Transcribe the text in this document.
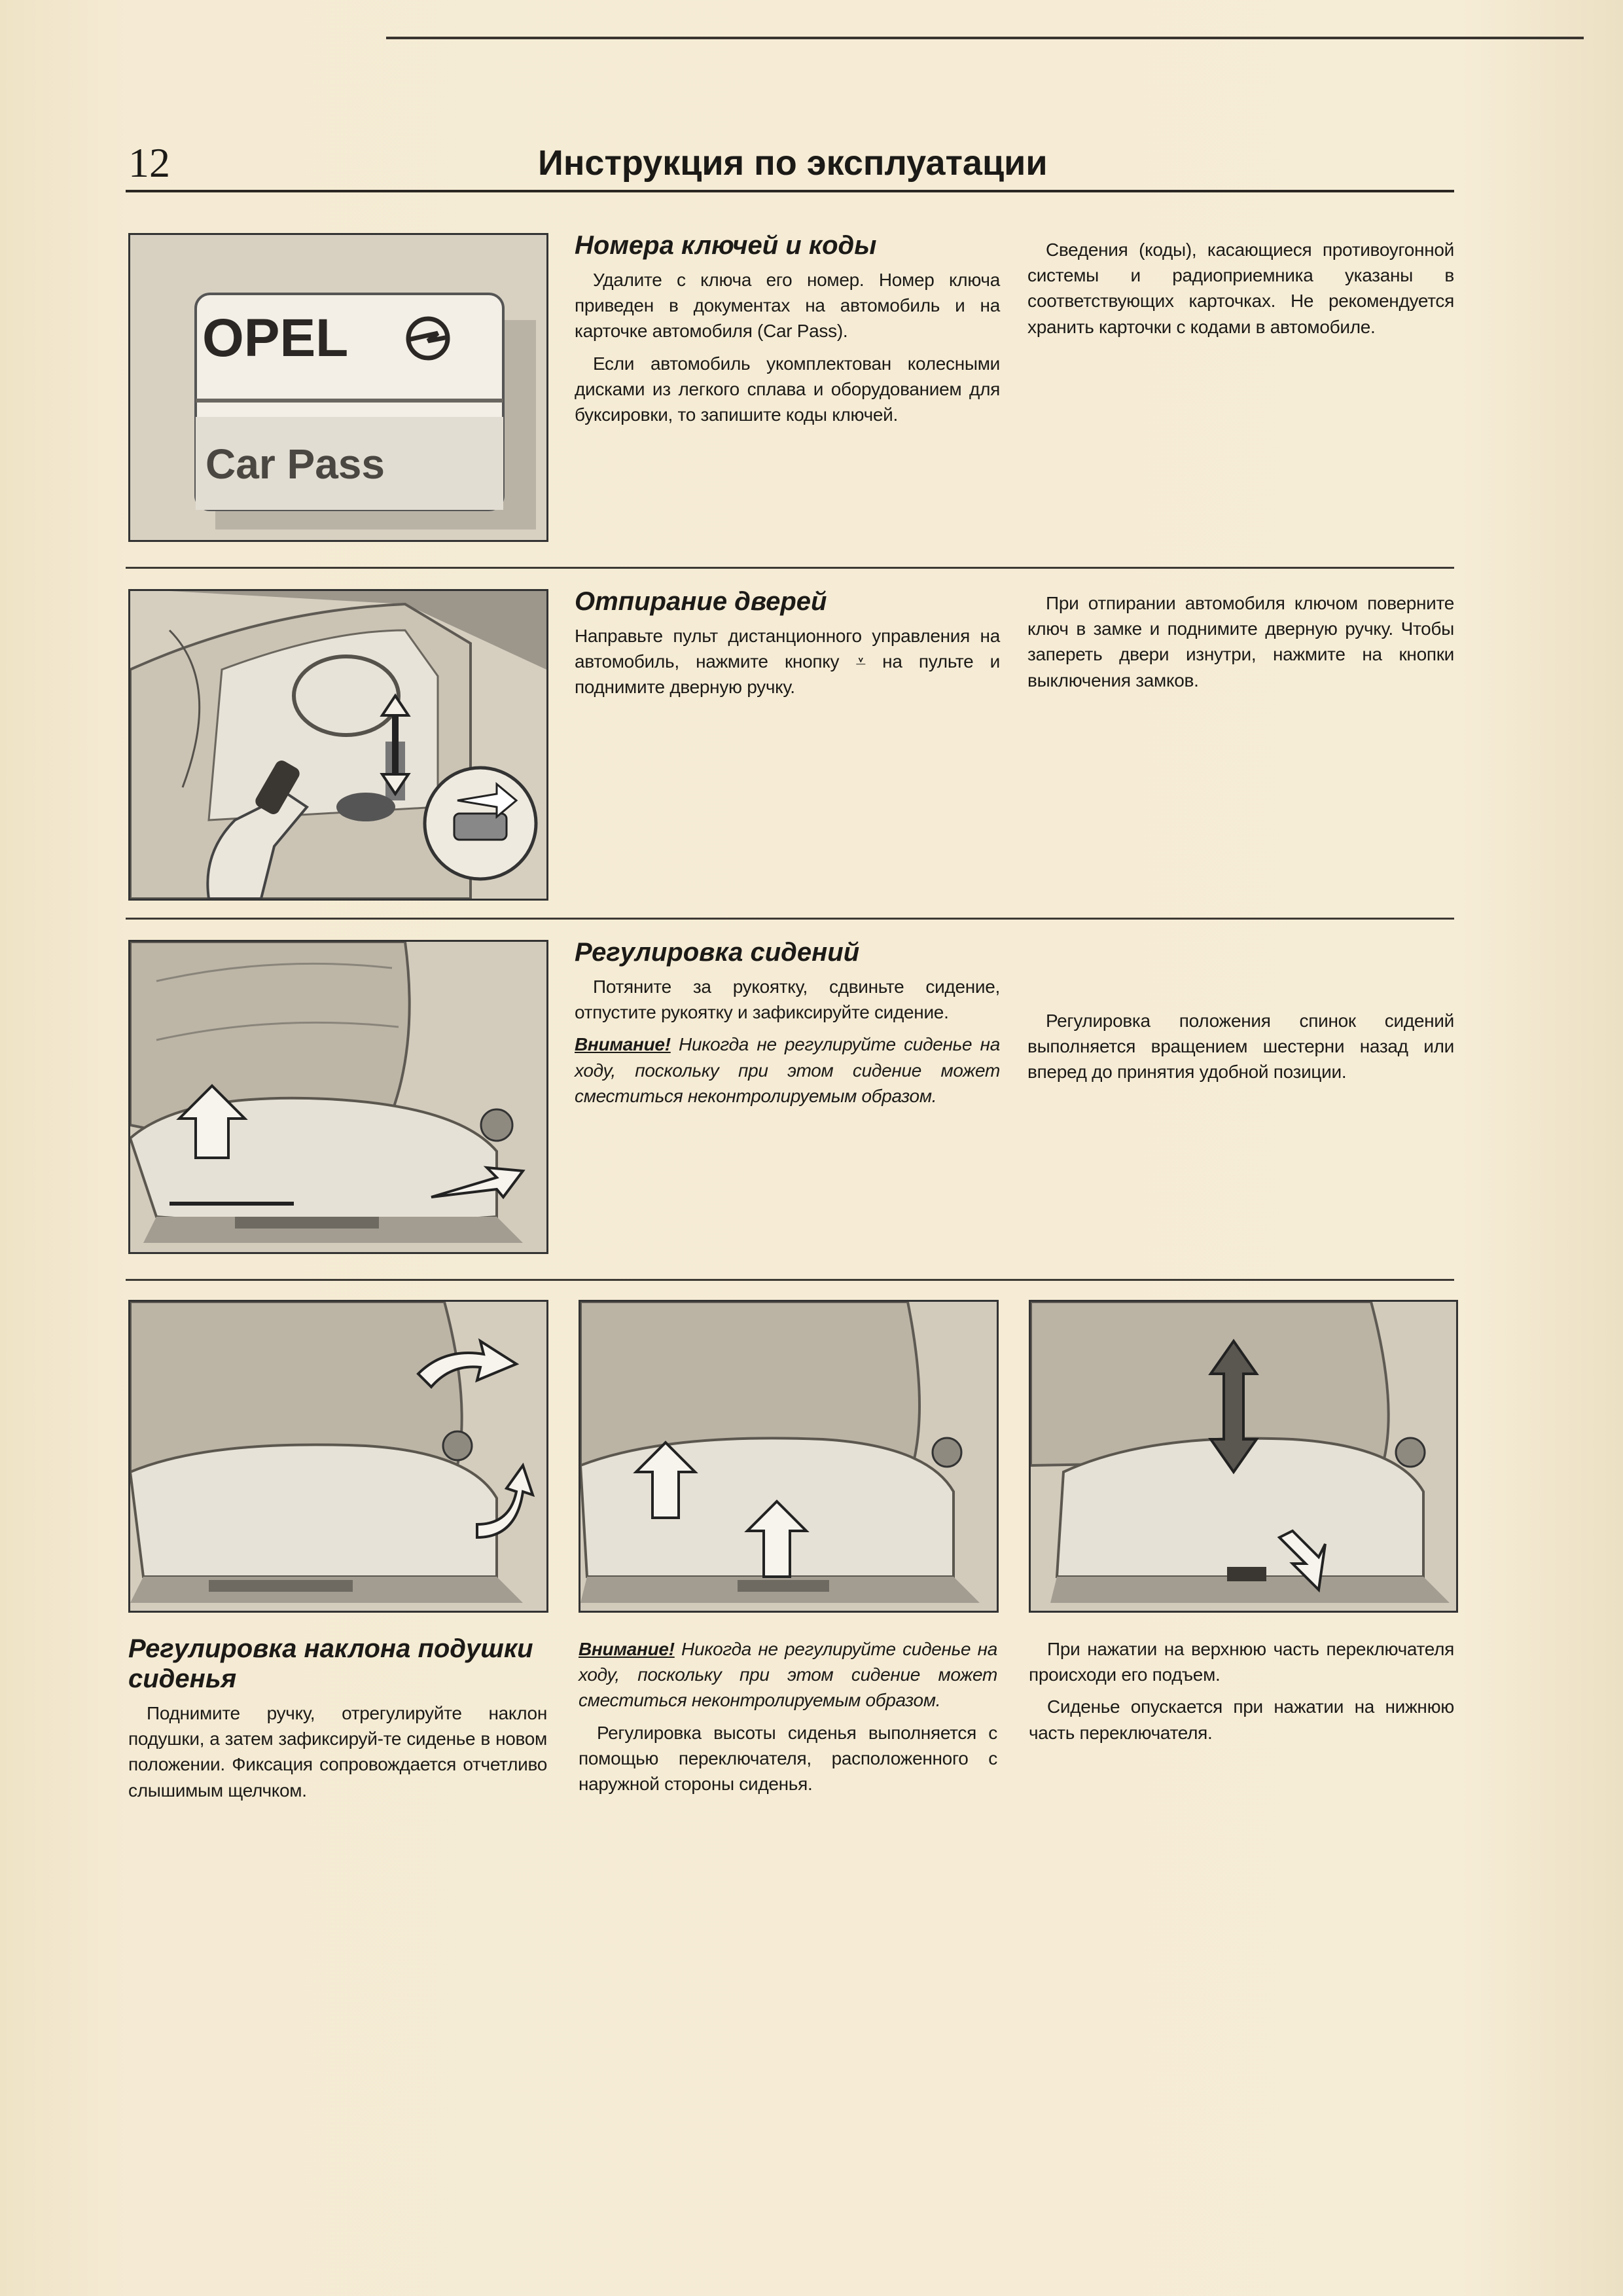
12	Инструкция по эксплуатации
OPEL
Car Pass
Номера ключей и коды

Удалите с ключа его номер. Номер ключа приведен в документах на автомобиль и на карточке автомобиля (Car Pass).

Если автомобиль укомплектован колесными дисками из легкого сплава и оборудованием для буксировки, то запишите коды ключей.

Сведения (коды), касающиеся противоугонной системы и радиоприемника указаны в соответствующих карточках. Не рекомендуется хранить карточки с кодами в автомобиле.

Отпирание дверей

Направьте пульт дистанционного управления на автомобиль, нажмите кнопку ⩡ на пульте и поднимите дверную ручку.

При отпирании автомобиля ключом поверните ключ в замке и поднимите дверную ручку. Чтобы запереть двери изнутри, нажмите на кнопки выключения замков.

Регулировка сидений

Потяните за рукоятку, сдвиньте сидение, отпустите рукоятку и зафиксируйте сидение.

Внимание! Никогда не регулируйте сиденье на ходу, поскольку при этом сидение может сместиться неконтролируемым образом.

Регулировка положения спинок сидений выполняется вращением шестерни назад или вперед до принятия удобной позиции.

Регулировка наклона подушки сиденья

Поднимите ручку, отрегулируйте наклон подушки, а затем зафиксируй-те сиденье в новом положении. Фиксация сопровождается отчетливо слышимым щелчком.

Внимание! Никогда не регулируйте сиденье на ходу, поскольку при этом сидение может сместиться неконтролируемым образом.

Регулировка высоты сиденья выполняется с помощью переключателя, расположенного с наружной стороны сиденья.

При нажатии на верхнюю часть переключателя происходи его подъем.

Сиденье опускается при нажатии на нижнюю часть переключателя.
